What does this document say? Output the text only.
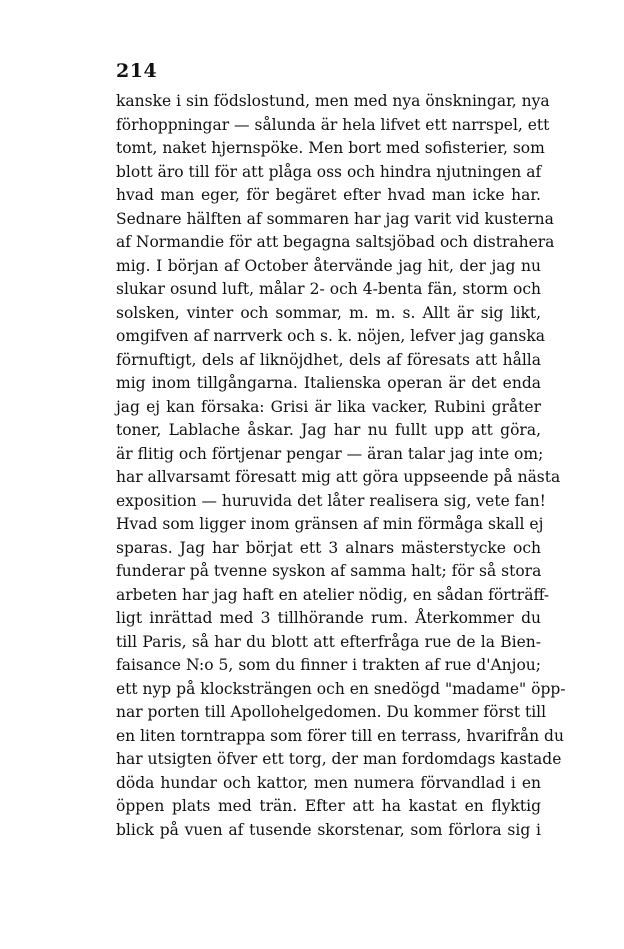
214
kanske i sin födslostund, men med nya önskningar, nya
förhoppningar — sålunda är hela lifvet ett narrspel, ett
tomt, naket hjernspöke. Men bort med sofisterier, som
blott äro till för att plåga oss och hindra njutningen af
hvad man eger, för begäret efter hvad man icke har.
Sednare hälften af sommaren har jag varit vid kusterna
af Normandie för att begagna saltsjöbad och distrahera
mig. I början af October återvände jag hit, der jag nu
slukar osund luft, målar 2- och 4-benta fän, storm och
solsken, vinter och sommar, m. m. s. Allt är sig likt,
omgifven af narrverk och s. k. nöjen, lefver jag ganska
förnuftigt, dels af liknöjdhet, dels af föresats att hålla
mig inom tillgångarna. Italienska operan är det enda
jag ej kan försaka: Grisi är lika vacker, Rubini gråter
toner, Lablache åskar. Jag har nu fullt upp att göra,
är flitig och förtjenar pengar — äran talar jag inte om;
har allvarsamt föresatt mig att göra uppseende på nästa
exposition — huruvida det låter realisera sig, vete fan!
Hvad som ligger inom gränsen af min förmåga skall ej
sparas. Jag har börjat ett 3 alnars mästerstycke och
funderar på tvenne syskon af samma halt; för så stora
arbeten har jag haft en atelier nödig, en sådan förträff-
ligt inrättad med 3 tillhörande rum. Återkommer du
till Paris, så har du blott att efterfråga rue de la Bien-
faisance N:o 5, som du finner i trakten af rue d'Anjou;
ett nyp på klocksträngen och en snedögd "madame" öpp-
nar porten till Apollohelgedomen. Du kommer först till
en liten torntrappa som förer till en terrass, hvarifrån du
har utsigten öfver ett torg, der man fordomdags kastade
döda hundar och kattor, men numera förvandlad i en
öppen plats med trän. Efter att ha kastat en flyktig
blick på vuen af tusende skorstenar, som förlora sig i
